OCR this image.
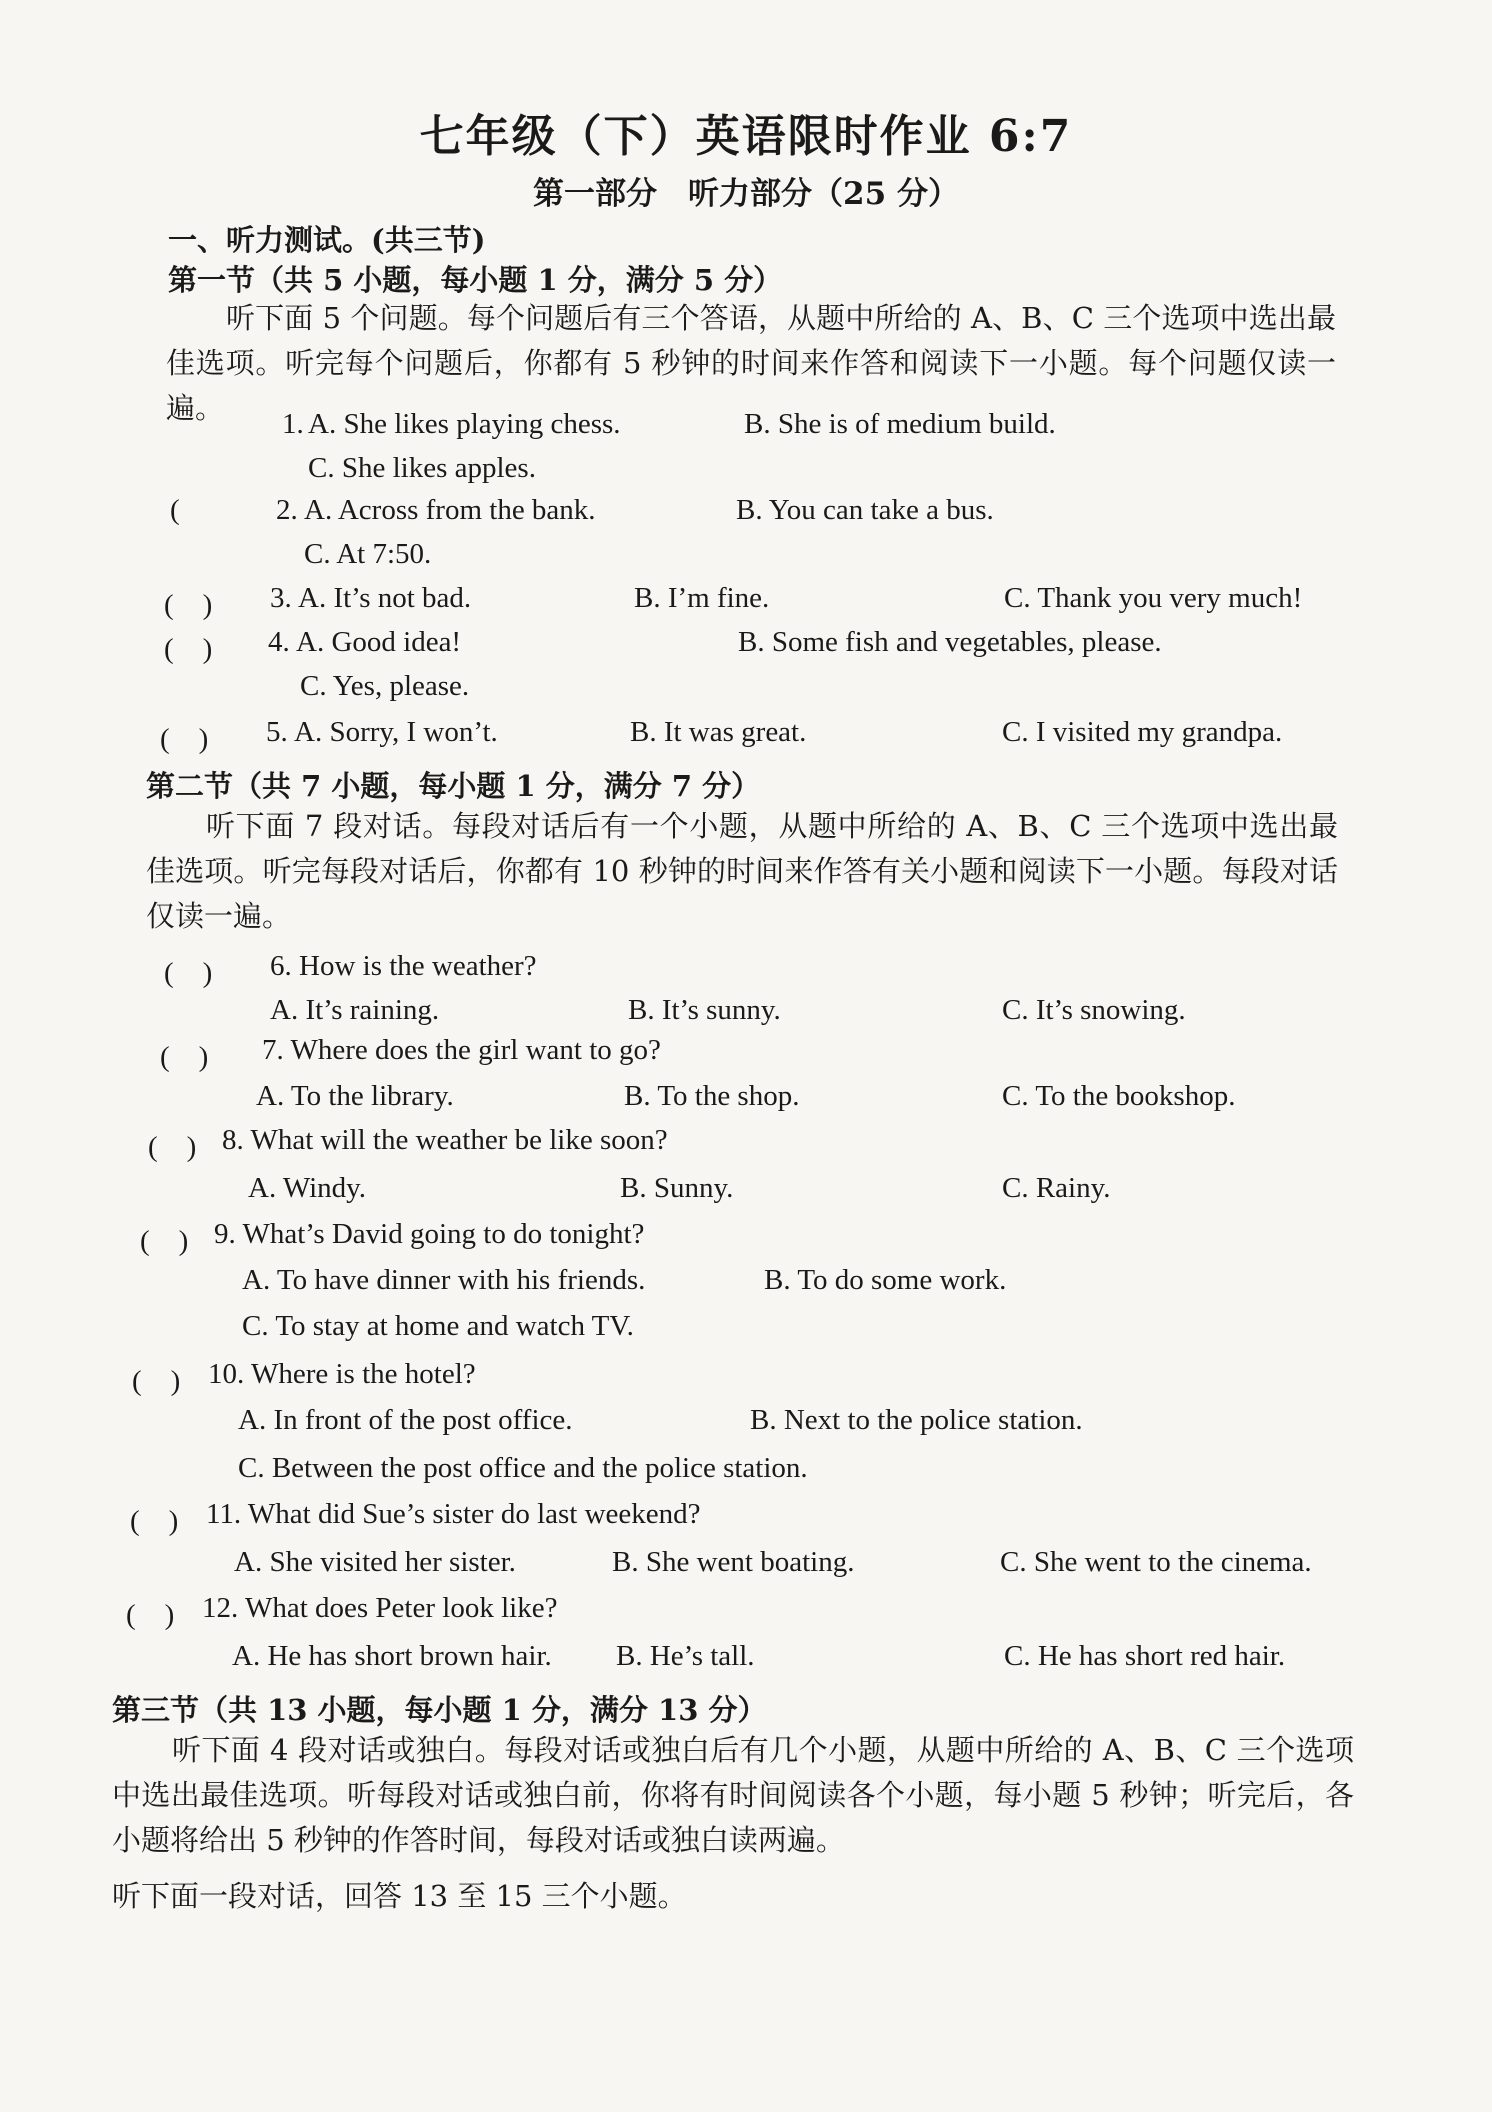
七年级（下）英语限时作业 6:7
第一部分　听力部分（25 分）
一、听力测试。(共三节)
第一节（共 5 小题，每小题 1 分，满分 5 分）
听下面 5 个问题。每个问题后有三个答语，从题中所给的 A、B、C 三个选项中选出最佳选项。听完每个问题后，你都有 5 秒钟的时间来作答和阅读下一小题。每个问题仅读一遍。	1. A. She likes playing chess.	B. She is of medium build.
C. She likes apples.
(	2. A. Across from the bank.	B. You can take a bus.
C. At 7:50.
(　) 3. A. It’s not bad.	B. I’m fine.	C. Thank you very much!
(　) 4. A. Good idea!	B. Some fish and vegetables, please.
C. Yes, please.
(　) 5. A. Sorry, I won’t.	B. It was great.	C. I visited my grandpa.
第二节（共 7 小题，每小题 1 分，满分 7 分）
听下面 7 段对话。每段对话后有一个小题，从题中所给的 A、B、C 三个选项中选出最佳选项。听完每段对话后，你都有 10 秒钟的时间来作答有关小题和阅读下一小题。每段对话仅读一遍。
(　) 6. How is the weather?
A. It’s raining.	B. It’s sunny.	C. It’s snowing.
(　) 7. Where does the girl want to go?
A. To the library.	B. To the shop.	C. To the bookshop.
(　) 8. What will the weather be like soon?
A. Windy.	B. Sunny.	C. Rainy.
(　) 9. What’s David going to do tonight?
A. To have dinner with his friends.	B. To do some work.
C. To stay at home and watch TV.
(　) 10. Where is the hotel?
A. In front of the post office.	B. Next to the police station.
C. Between the post office and the police station.
(　) 11. What did Sue’s sister do last weekend?
A. She visited her sister.	B. She went boating.	C. She went to the cinema.
(　) 12. What does Peter look like?
A. He has short brown hair. B. He’s tall.	C. He has short red hair.
第三节（共 13 小题，每小题 1 分，满分 13 分）
听下面 4 段对话或独白。每段对话或独白后有几个小题，从题中所给的 A、B、C 三个选项中选出最佳选项。听每段对话或独白前，你将有时间阅读各个小题，每小题 5 秒钟；听完后，各小题将给出 5 秒钟的作答时间，每段对话或独白读两遍。
听下面一段对话，回答 13 至 15 三个小题。
